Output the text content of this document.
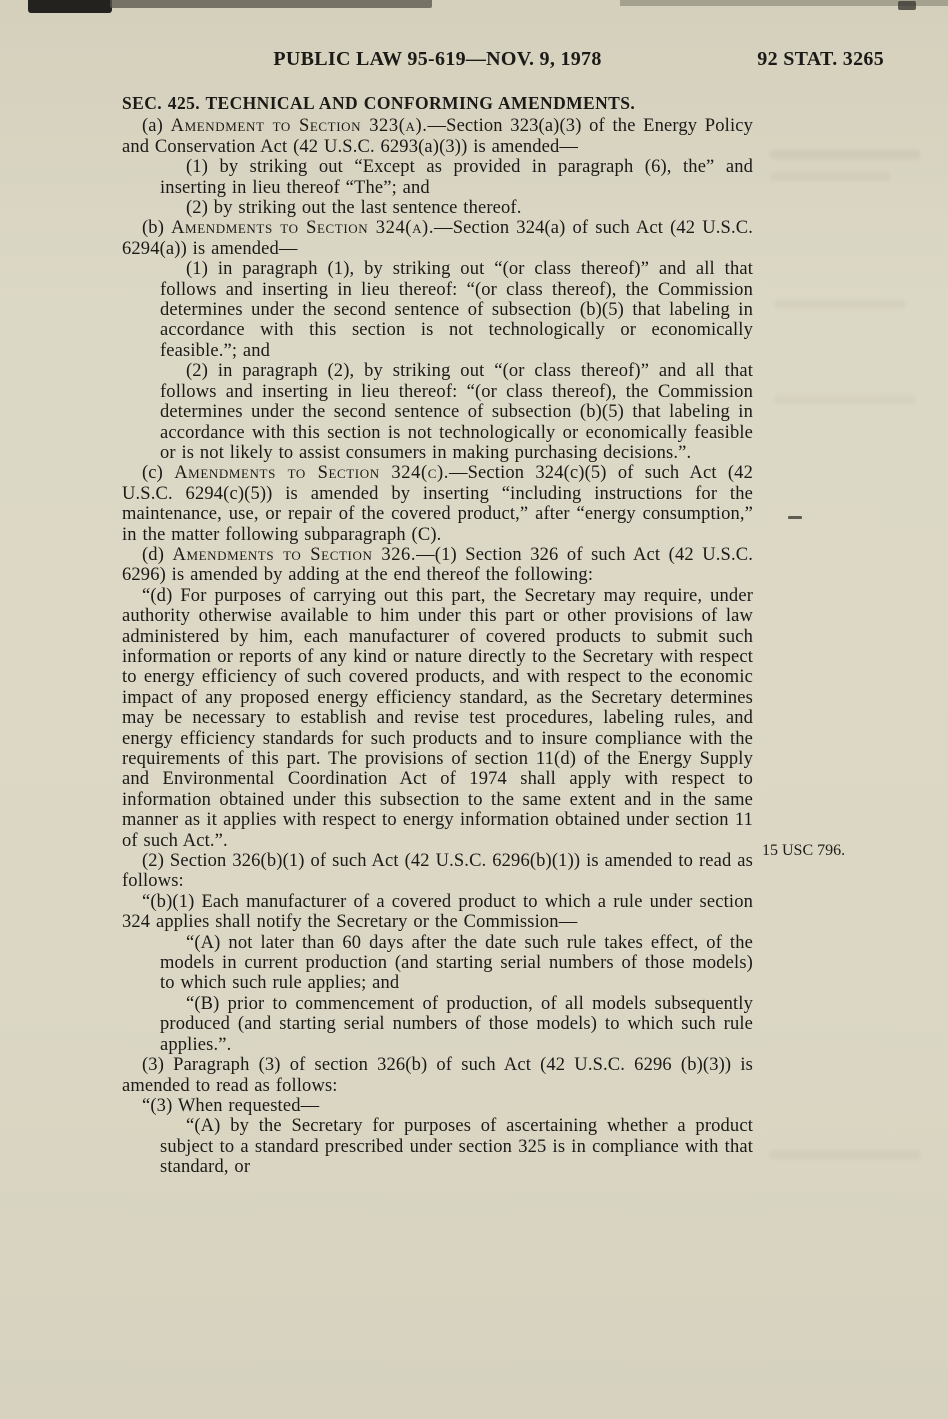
PUBLIC LAW 95-619—NOV. 9, 1978	92 STAT. 3265
SEC. 425. TECHNICAL AND CONFORMING AMENDMENTS.

(a) Amendment to Section 323(a).—Section 323(a)(3) of the Energy Policy and Conservation Act (42 U.S.C. 6293(a)(3)) is amended—

(1) by striking out “Except as provided in paragraph (6), the” and inserting in lieu thereof “The”; and

(2) by striking out the last sentence thereof.

(b) Amendments to Section 324(a).—Section 324(a) of such Act (42 U.S.C. 6294(a)) is amended—

(1) in paragraph (1), by striking out “(or class thereof)” and all that follows and inserting in lieu thereof: “(or class thereof), the Commission determines under the second sentence of subsection (b)(5) that labeling in accordance with this section is not technologically or economically feasible.”; and

(2) in paragraph (2), by striking out “(or class thereof)” and all that follows and inserting in lieu thereof: “(or class thereof), the Commission determines under the second sentence of subsection (b)(5) that labeling in accordance with this section is not technologically or economically feasible or is not likely to assist consumers in making purchasing decisions.”.

(c) Amendments to Section 324(c).—Section 324(c)(5) of such Act (42 U.S.C. 6294(c)(5)) is amended by inserting “including instructions for the maintenance, use, or repair of the covered product,” after “energy consumption,” in the matter following subparagraph (C).

(d) Amendments to Section 326.—(1) Section 326 of such Act (42 U.S.C. 6296) is amended by adding at the end thereof the following:

“(d) For purposes of carrying out this part, the Secretary may require, under authority otherwise available to him under this part or other provisions of law administered by him, each manufacturer of covered products to submit such information or reports of any kind or nature directly to the Secretary with respect to energy efficiency of such covered products, and with respect to the economic impact of any proposed energy efficiency standard, as the Secretary determines may be necessary to establish and revise test procedures, labeling rules, and energy efficiency standards for such products and to insure compliance with the requirements of this part. The provisions of section 11(d) of the Energy Supply and Environmental Coordination Act of 1974 shall apply with respect to information obtained under this subsection to the same extent and in the same manner as it applies with respect to energy information obtained under section 11 of such Act.”.

(2) Section 326(b)(1) of such Act (42 U.S.C. 6296(b)(1)) is amended to read as follows:

“(b)(1) Each manufacturer of a covered product to which a rule under section 324 applies shall notify the Secretary or the Commission—

“(A) not later than 60 days after the date such rule takes effect, of the models in current production (and starting serial numbers of those models) to which such rule applies; and

“(B) prior to commencement of production, of all models subsequently produced (and starting serial numbers of those models) to which such rule applies.”.

(3) Paragraph (3) of section 326(b) of such Act (42 U.S.C. 6296 (b)(3)) is amended to read as follows:

“(3) When requested—

“(A) by the Secretary for purposes of ascertaining whether a product subject to a standard prescribed under section 325 is in compliance with that standard, or

15 USC 796.
